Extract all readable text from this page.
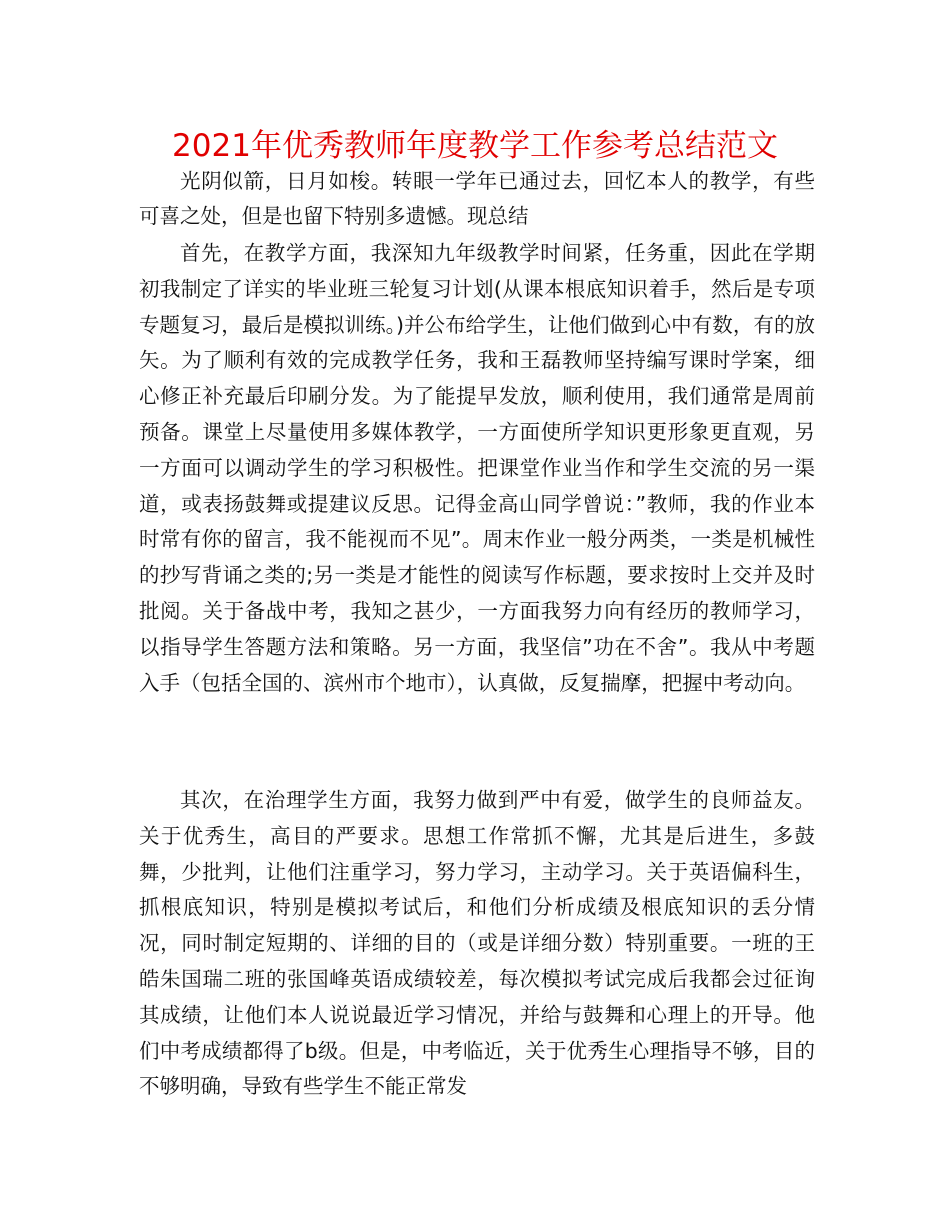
2021年优秀教师年度教学工作参考总结范文

光阴似箭，日月如梭。转眼一学年已通过去，回忆本人的教学，有些可喜之处，但是也留下特别多遗憾。现总结

首先，在教学方面，我深知九年级教学时间紧，任务重，因此在学期初我制定了详实的毕业班三轮复习计划(从课本根底知识着手，然后是专项专题复习，最后是模拟训练。)并公布给学生，让他们做到心中有数，有的放矢。为了顺利有效的完成教学任务，我和王磊教师坚持编写课时学案，细心修正补充最后印刷分发。为了能提早发放，顺利使用，我们通常是周前预备。课堂上尽量使用多媒体教学，一方面使所学知识更形象更直观，另一方面可以调动学生的学习积极性。把课堂作业当作和学生交流的另一渠道，或表扬鼓舞或提建议反思。记得金高山同学曾说：”教师，我的作业本时常有你的留言，我不能视而不见”。周末作业一般分两类，一类是机械性的抄写背诵之类的;另一类是才能性的阅读写作标题，要求按时上交并及时批阅。关于备战中考，我知之甚少，一方面我努力向有经历的教师学习，以指导学生答题方法和策略。另一方面，我坚信”功在不舍”。我从中考题入手（包括全国的、滨州市个地市），认真做，反复揣摩，把握中考动向。

其次，在治理学生方面，我努力做到严中有爱，做学生的良师益友。关于优秀生，高目的严要求。思想工作常抓不懈，尤其是后进生，多鼓舞，少批判，让他们注重学习，努力学习，主动学习。关于英语偏科生，抓根底知识，特别是模拟考试后，和他们分析成绩及根底知识的丢分情况，同时制定短期的、详细的目的（或是详细分数）特别重要。一班的王皓朱国瑞二班的张国峰英语成绩较差，每次模拟考试完成后我都会过征询其成绩，让他们本人说说最近学习情况，并给与鼓舞和心理上的开导。他们中考成绩都得了b级。但是，中考临近，关于优秀生心理指导不够，目的不够明确，导致有些学生不能正常发
